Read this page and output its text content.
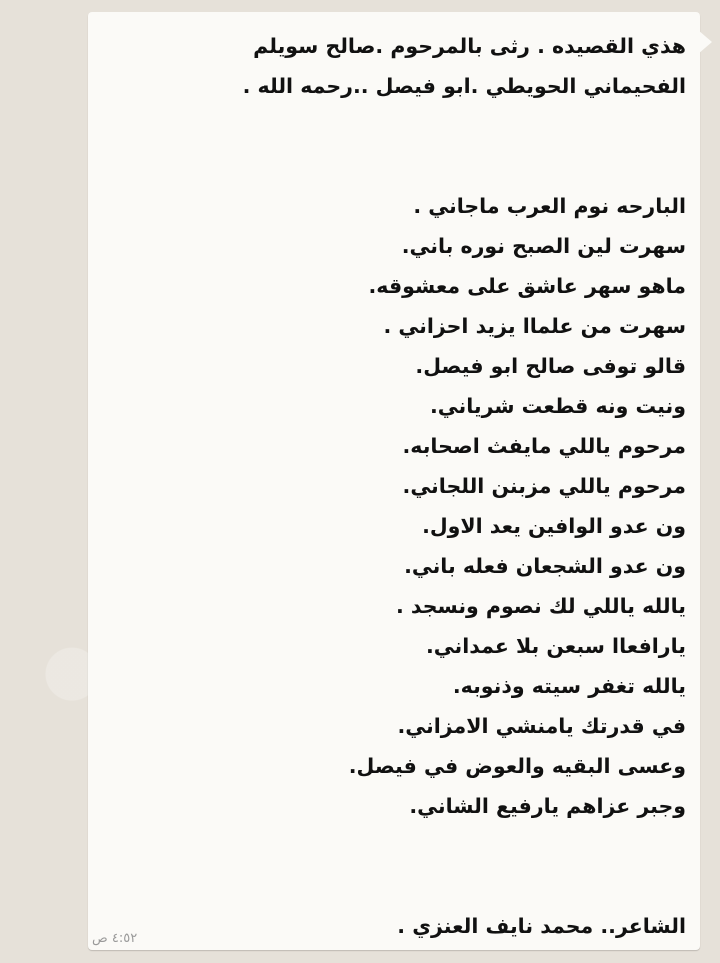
هذي القصيده . رثى بالمرحوم .صالح سويلم
الفحيماني الحويطي .ابو فيصل ..رحمه الله .
البارحه نوم العرب ماجاني .
سهرت لين الصبح نوره باني.
ماهو سهر عاشق على معشوقه.
سهرت من علماا يزيد احزاني .
قالو توفى صالح ابو فيصل.
ونيت ونه قطعت شرياني.
مرحوم ياللي مايفث اصحابه.
مرحوم ياللي مزبنن اللجاني.
ون عدو الوافين يعد الاول.
ون عدو الشجعان فعله باني.
يالله ياللي لك نصوم ونسجد .
يارافعاا سبعن بلا عمداني.
يالله تغفر سيته وذنوبه.
في قدرتك يامنشي الامزاني.
وعسى البقيه والعوض في فيصل.
وجبر عزاهم يارفيع الشاني.
الشاعر.. محمد نايف العنزي .
٤:٥٢ ص
